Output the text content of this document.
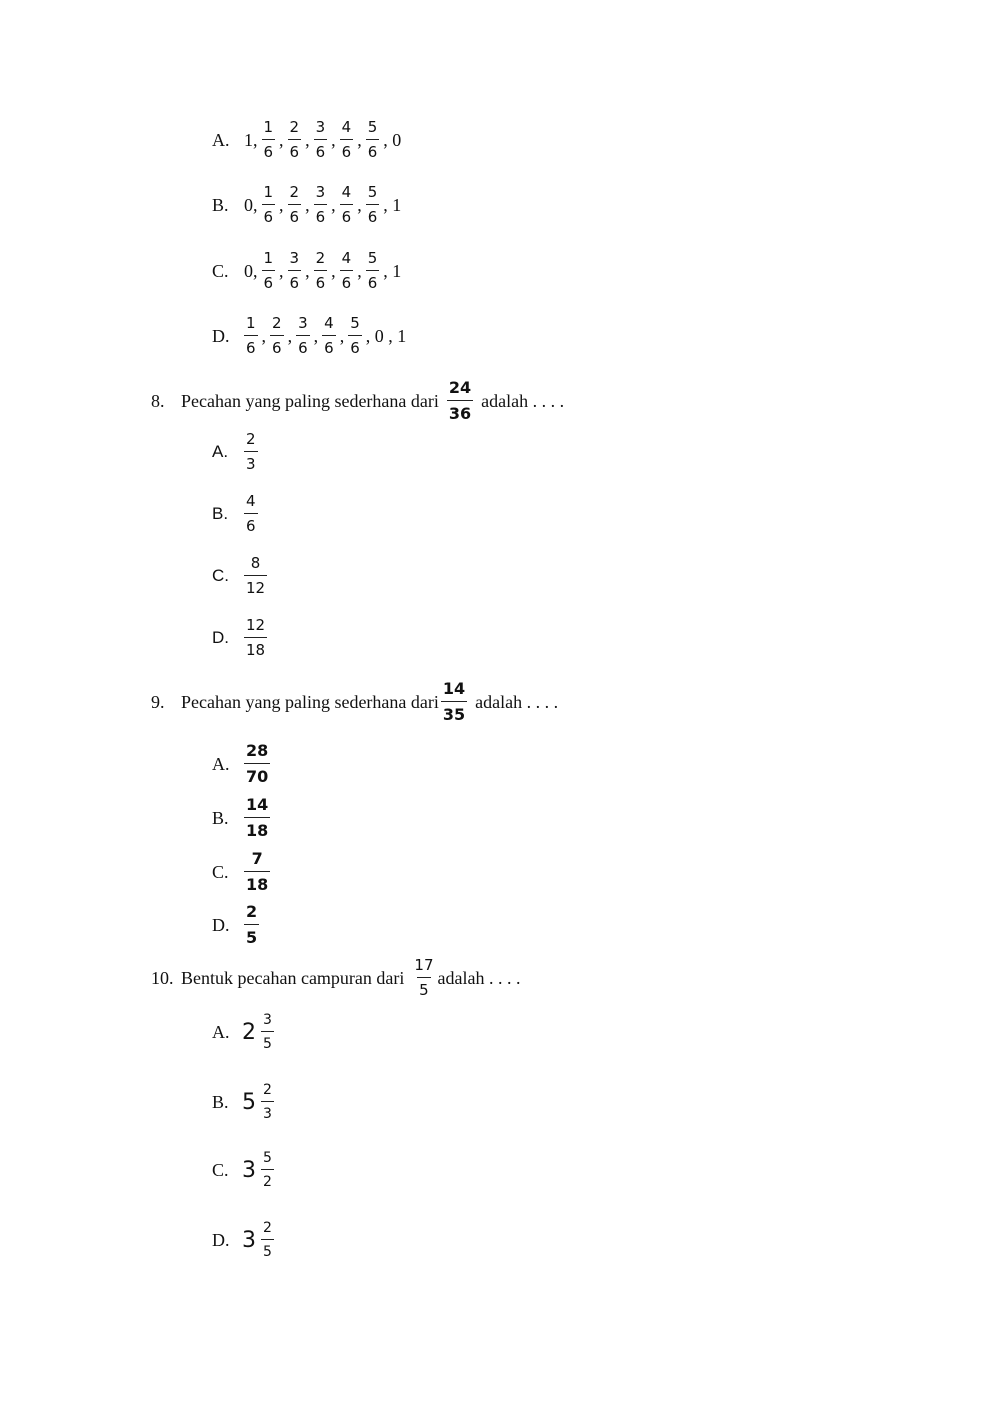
A. 1, $\frac{1}{6}$ , $\frac{2}{6}$ , $\frac{3}{6}$ , $\frac{4}{6}$ , $\frac{5}{6}$ , 0
B. 0, $\frac{1}{6}$ , $\frac{2}{6}$ , $\frac{3}{6}$ , $\frac{4}{6}$ , $\frac{5}{6}$ , 1
C. 0, $\frac{1}{6}$ , $\frac{3}{6}$ , $\frac{2}{6}$ , $\frac{4}{6}$ , $\frac{5}{6}$ , 1
D. $\frac{1}{6}$ , $\frac{2}{6}$ , $\frac{3}{6}$ , $\frac{4}{6}$ , $\frac{5}{6}$ , 0 , 1
8. Pecahan yang paling sederhana dari $\frac{24}{36}$ adalah . . . .
A.	$\frac{2}{3}$
B.	$\frac{4}{6}$
C.	$\frac{8}{12}$
D.	$\frac{12}{18}$
9. Pecahan yang paling sederhana dari $\frac{14}{35}$ adalah . . . .
A. $\frac{28}{70}$
B. $\frac{14}{18}$
C. $\frac{7}{18}$
D. $\frac{2}{5}$
10. Bentuk pecahan campuran dari $\frac{17}{5}$ adalah . . . .
A. $2 \frac{3}{5}$
B. $5 \frac{2}{3}$
C. $3 \frac{5}{2}$
D. $3 \frac{2}{5}$
